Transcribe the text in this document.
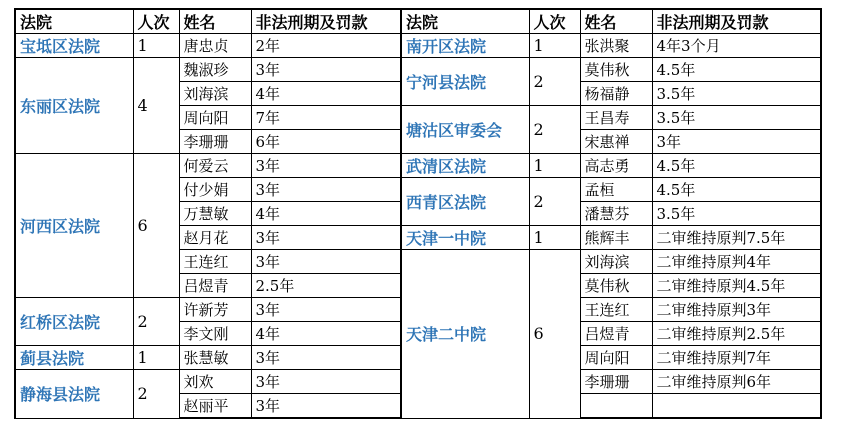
法院	人次	姓名	非法刑期及罚款	法院	人次	姓名	非法刑期及罚款
宝坻区法院	1	唐忠贞	2年	南开区法院	1	张洪聚	4年3个月
东丽区法院	4	魏淑珍	3年	宁河县法院	2	莫伟秋	4.5年
		刘海滨	4年			杨福静	3.5年
		周向阳	7年	塘沽区审委会	2	王昌寿	3.5年
		李珊珊	6年			宋惠禅	3年
河西区法院	6	何爱云	3年	武清区法院	1	高志勇	4.5年
		付少娟	3年	西青区法院	2	孟桓	4.5年
		万慧敏	4年			潘慧芬	3.5年
		赵月花	3年	天津一中院	1	熊辉丰	二审维持原判7.5年
		王连红	3年	天津二中院	6	刘海滨	二审维持原判4年
		吕煜青	2.5年			莫伟秋	二审维持原判4.5年
红桥区法院	2	许新芳	3年			王连红	二审维持原判3年
		李文刚	4年			吕煜青	二审维持原判2.5年
蓟县法院	1	张慧敏	3年			周向阳	二审维持原判7年
静海县法院	2	刘欢	3年			李珊珊	二审维持原判6年
		赵丽平	3年				
